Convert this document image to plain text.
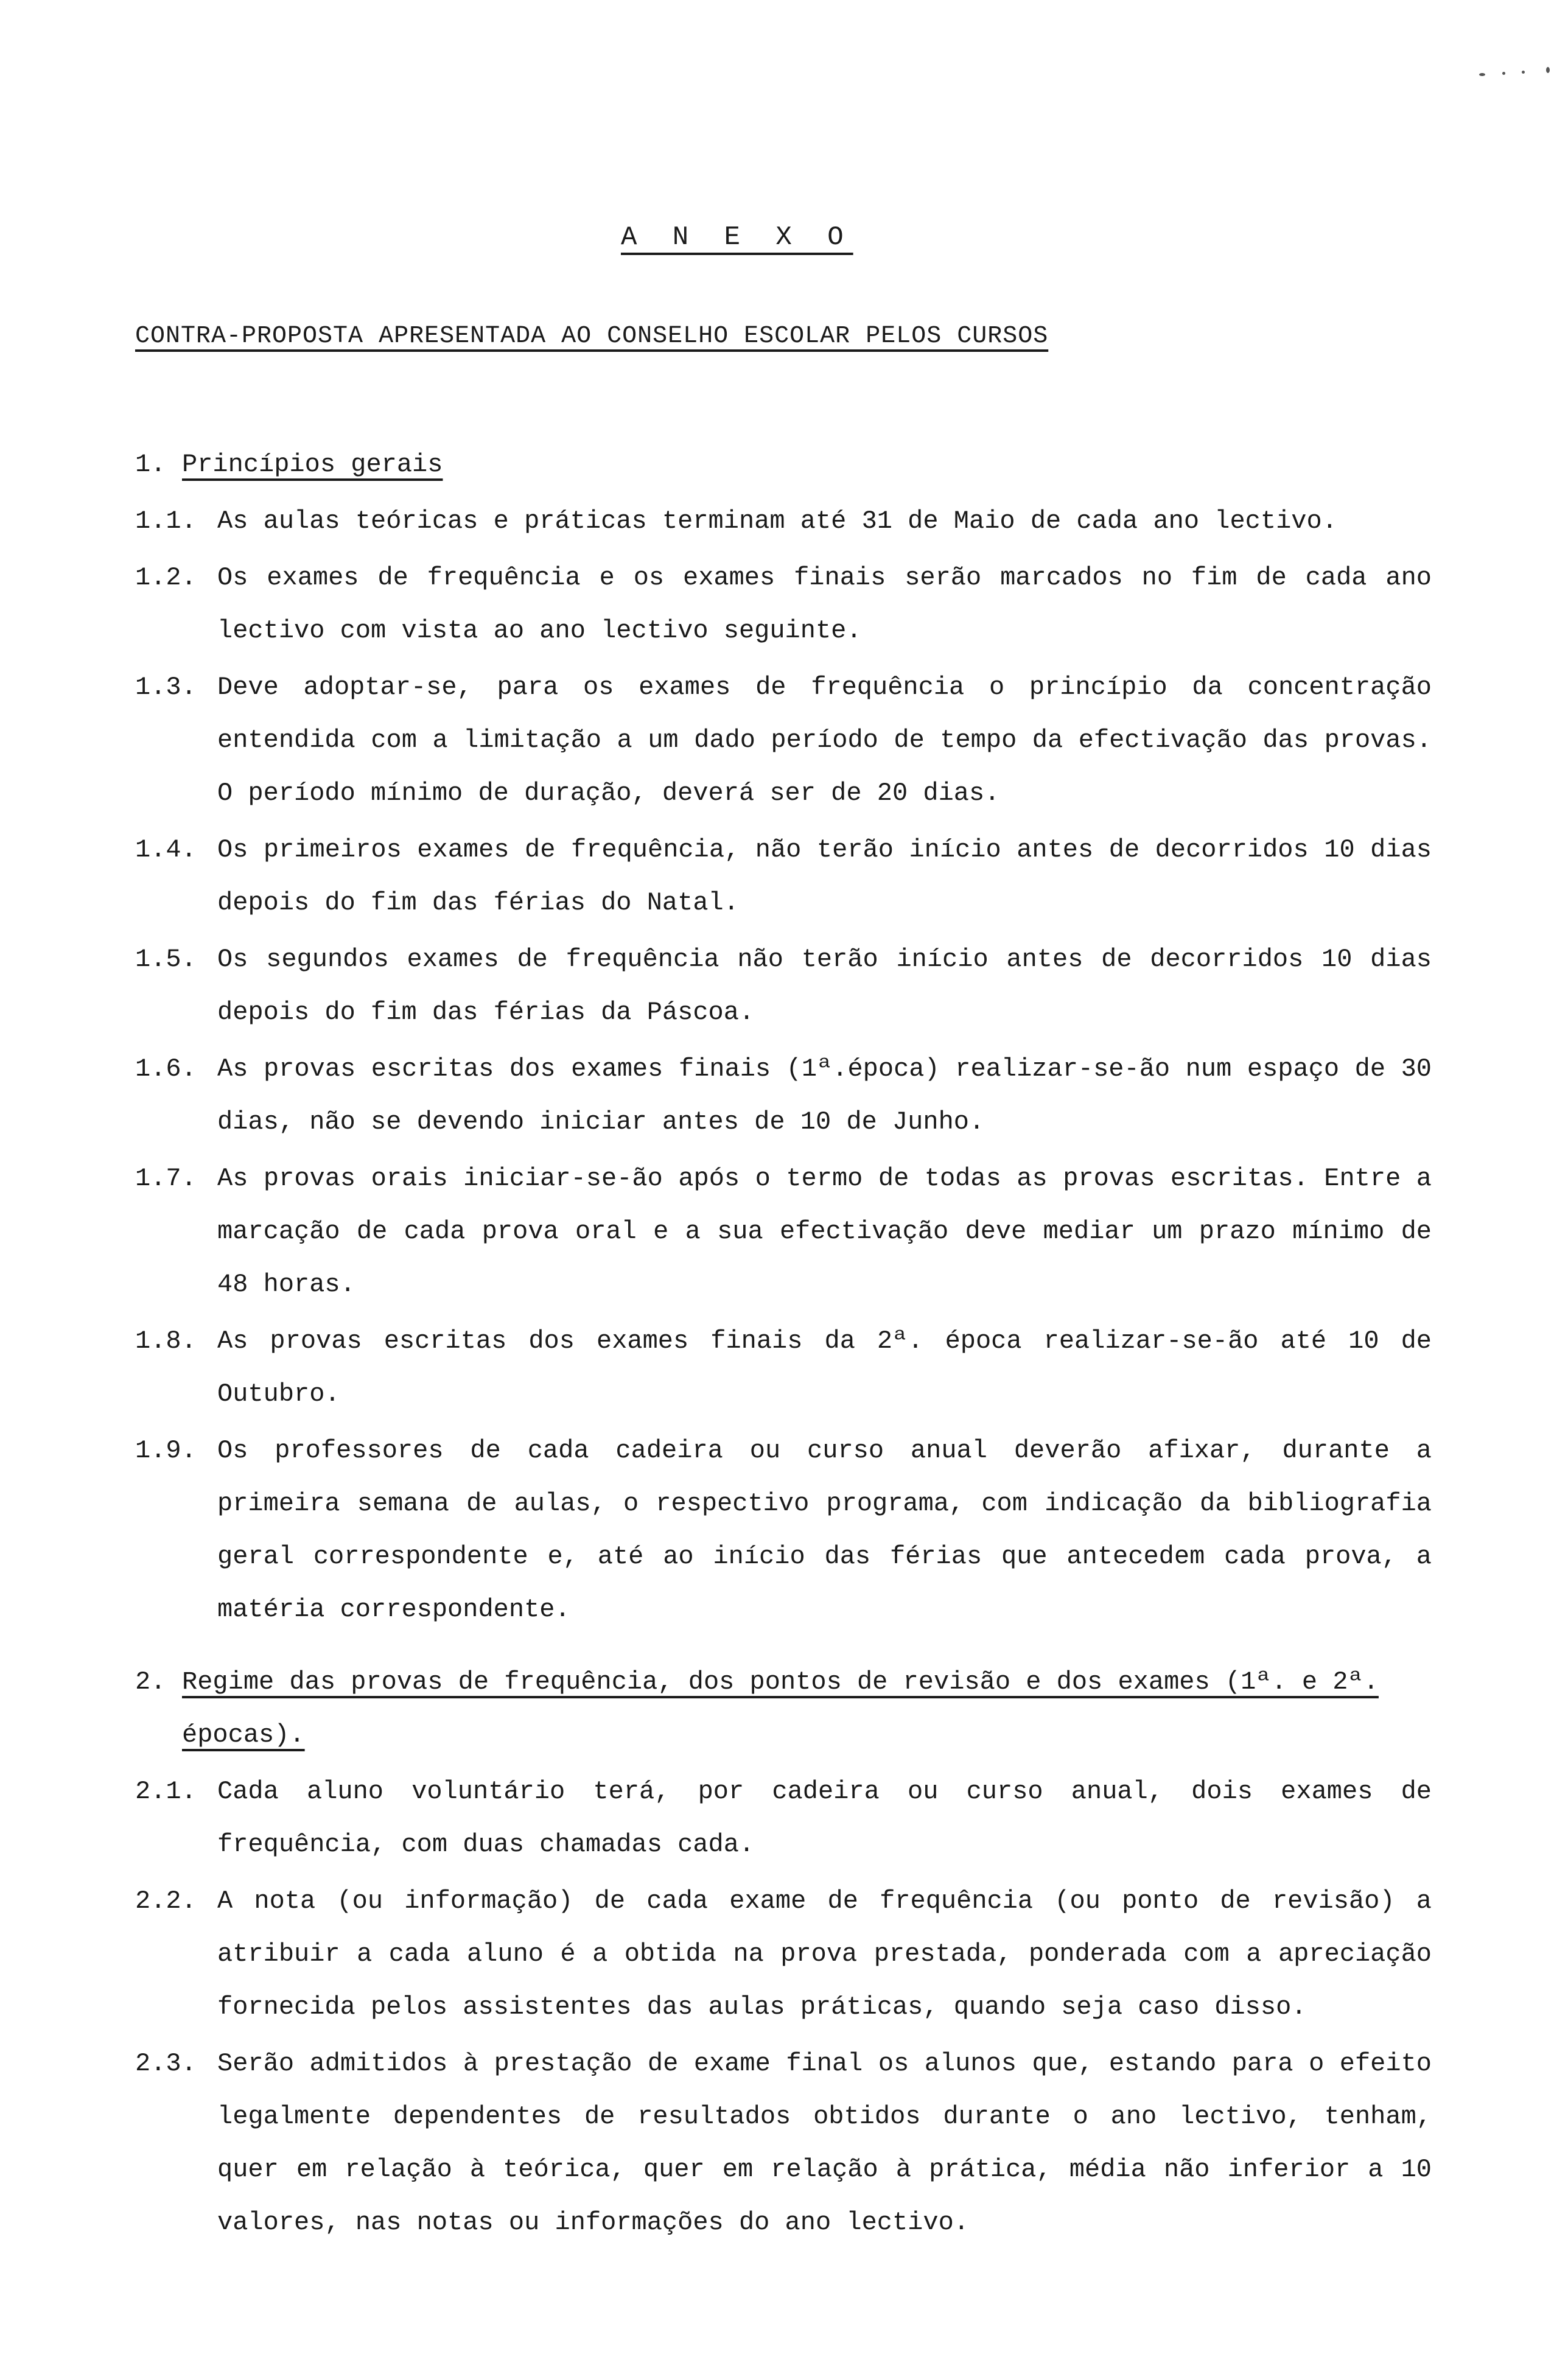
A N E X O
CONTRA-PROPOSTA APRESENTADA AO CONSELHO ESCOLAR PELOS CURSOS
1. Princípios gerais
1.1. As aulas teóricas e práticas terminam até 31 de Maio de cada ano lectivo.
1.2. Os exames de frequência e os exames finais serão marcados no fim de cada ano lectivo com vista ao ano lectivo seguinte.
1.3. Deve adoptar-se, para os exames de frequência o princípio da concentração entendida com a limitação a um dado período de tempo da efectivação das provas. O período mínimo de duração, deverá ser de 20 dias.
1.4. Os primeiros exames de frequência, não terão início antes de decorridos 10 dias depois do fim das férias do Natal.
1.5. Os segundos exames de frequência não terão início antes de decorridos 10 dias depois do fim das férias da Páscoa.
1.6. As provas escritas dos exames finais (1ª.época) realizar-se-ão num espaço de 30 dias, não se devendo iniciar antes de 10 de Junho.
1.7. As provas orais iniciar-se-ão após o termo de todas as provas escritas. Entre a marcação de cada prova oral e a sua efectivação deve mediar um prazo mínimo de 48 horas.
1.8. As provas escritas dos exames finais da 2ª. época realizar-se-ão até 10 de Outubro.
1.9. Os professores de cada cadeira ou curso anual deverão afixar, durante a primeira semana de aulas, o respectivo programa, com indicação da bibliografia geral correspondente e, até ao início das férias que antecedem cada prova, a matéria correspondente.
2. Regime das provas de frequência, dos pontos de revisão e dos exames (1ª. e 2ª. épocas).
2.1. Cada aluno voluntário terá, por cadeira ou curso anual, dois exames de frequência, com duas chamadas cada.
2.2. A nota (ou informação) de cada exame de frequência (ou ponto de revisão) a atribuir a cada aluno é a obtida na prova prestada, ponderada com a apreciação fornecida pelos assistentes das aulas práticas, quando seja caso disso.
2.3. Serão admitidos à prestação de exame final os alunos que, estando para o efeito legalmente dependentes de resultados obtidos durante o ano lectivo, tenham, quer em relação à teórica, quer em relação à prática, média não inferior a 10 valores, nas notas ou informações do ano lectivo.
